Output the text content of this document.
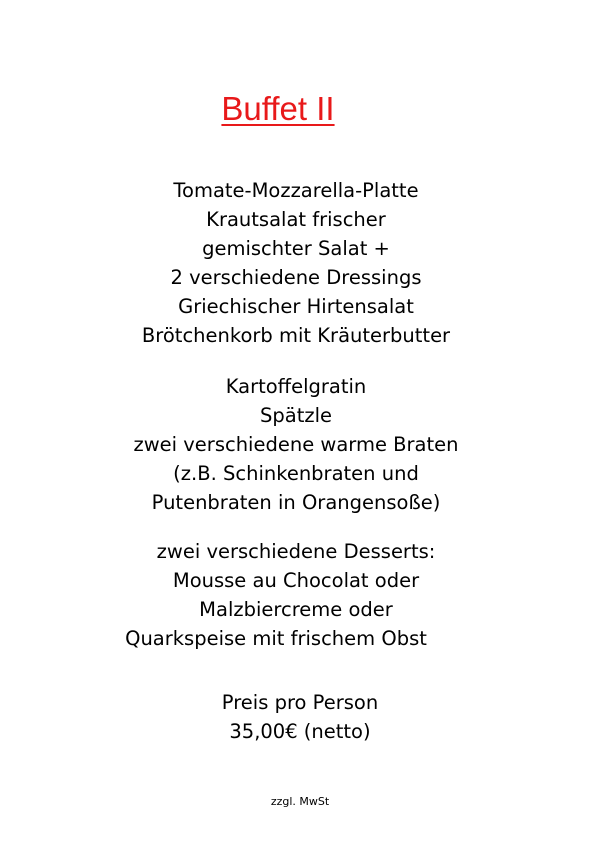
Buffet II
Tomate-Mozzarella-Platte
Krautsalat frischer
gemischter Salat +
2 verschiedene Dressings
Griechischer Hirtensalat
Brötchenkorb mit Kräuterbutter
Kartoffelgratin
Spätzle
zwei verschiedene warme Braten
(z.B. Schinkenbraten und
Putenbraten in Orangensoße)
zwei verschiedene Desserts:
Mousse au Chocolat oder
Malzbiercreme oder
Quarkspeise mit frischem Obst
Preis pro Person
35,00€ (netto)
zzgl. MwSt
